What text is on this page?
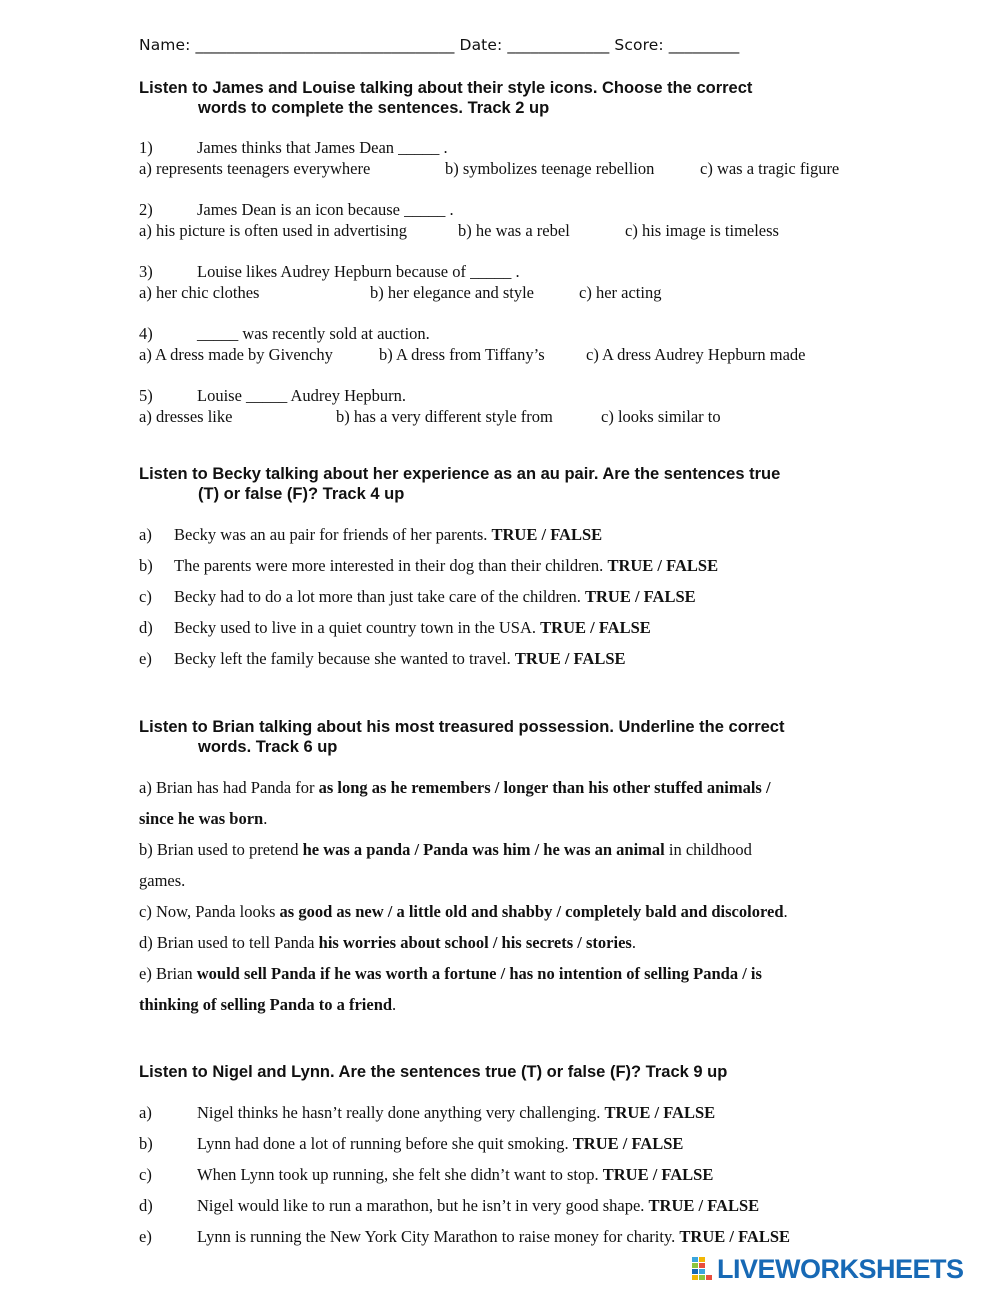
Name: _________________________________ Date: _____________ Score: _________
Listen to James and Louise talking about their style icons. Choose the correct
words to complete the sentences. Track 2 up
1)	James thinks that James Dean _____ .
a) represents teenagers everywhere	b) symbolizes teenage rebellion	c) was a tragic figure
2)	James Dean is an icon because _____ .
a) his picture is often used in advertising	b) he was a rebel	c) his image is timeless
3)	Louise likes Audrey Hepburn because of _____ .
a) her chic clothes	b) her elegance and style	c) her acting
4)	_____ was recently sold at auction.
a) A dress made by Givenchy	b) A dress from Tiffany’s	c) A dress Audrey Hepburn made
5)	Louise _____ Audrey Hepburn.
a) dresses like	b) has a very different style from	c) looks similar to
Listen to Becky talking about her experience as an au pair. Are the sentences true
(T) or false (F)? Track 4 up
a) Becky was an au pair for friends of her parents. TRUE / FALSE
b) The parents were more interested in their dog than their children. TRUE / FALSE
c) Becky had to do a lot more than just take care of the children. TRUE / FALSE
d) Becky used to live in a quiet country town in the USA. TRUE / FALSE
e) Becky left the family because she wanted to travel. TRUE / FALSE
Listen to Brian talking about his most treasured possession. Underline the correct
words. Track 6 up
a) Brian has had Panda for as long as he remembers / longer than his other stuffed animals /
since he was born.
b) Brian used to pretend he was a panda / Panda was him / he was an animal in childhood
games.
c) Now, Panda looks as good as new / a little old and shabby / completely bald and discolored.
d) Brian used to tell Panda his worries about school / his secrets / stories.
e) Brian would sell Panda if he was worth a fortune / has no intention of selling Panda / is
thinking of selling Panda to a friend.
Listen to Nigel and Lynn. Are the sentences true (T) or false (F)? Track 9 up
a)	Nigel thinks he hasn’t really done anything very challenging. TRUE / FALSE
b)	Lynn had done a lot of running before she quit smoking. TRUE / FALSE
c)	When Lynn took up running, she felt she didn’t want to stop. TRUE / FALSE
d)	Nigel would like to run a marathon, but he isn’t in very good shape. TRUE / FALSE
e)	Lynn is running the New York City Marathon to raise money for charity. TRUE / FALSE
LIVEWORKSHEETS
